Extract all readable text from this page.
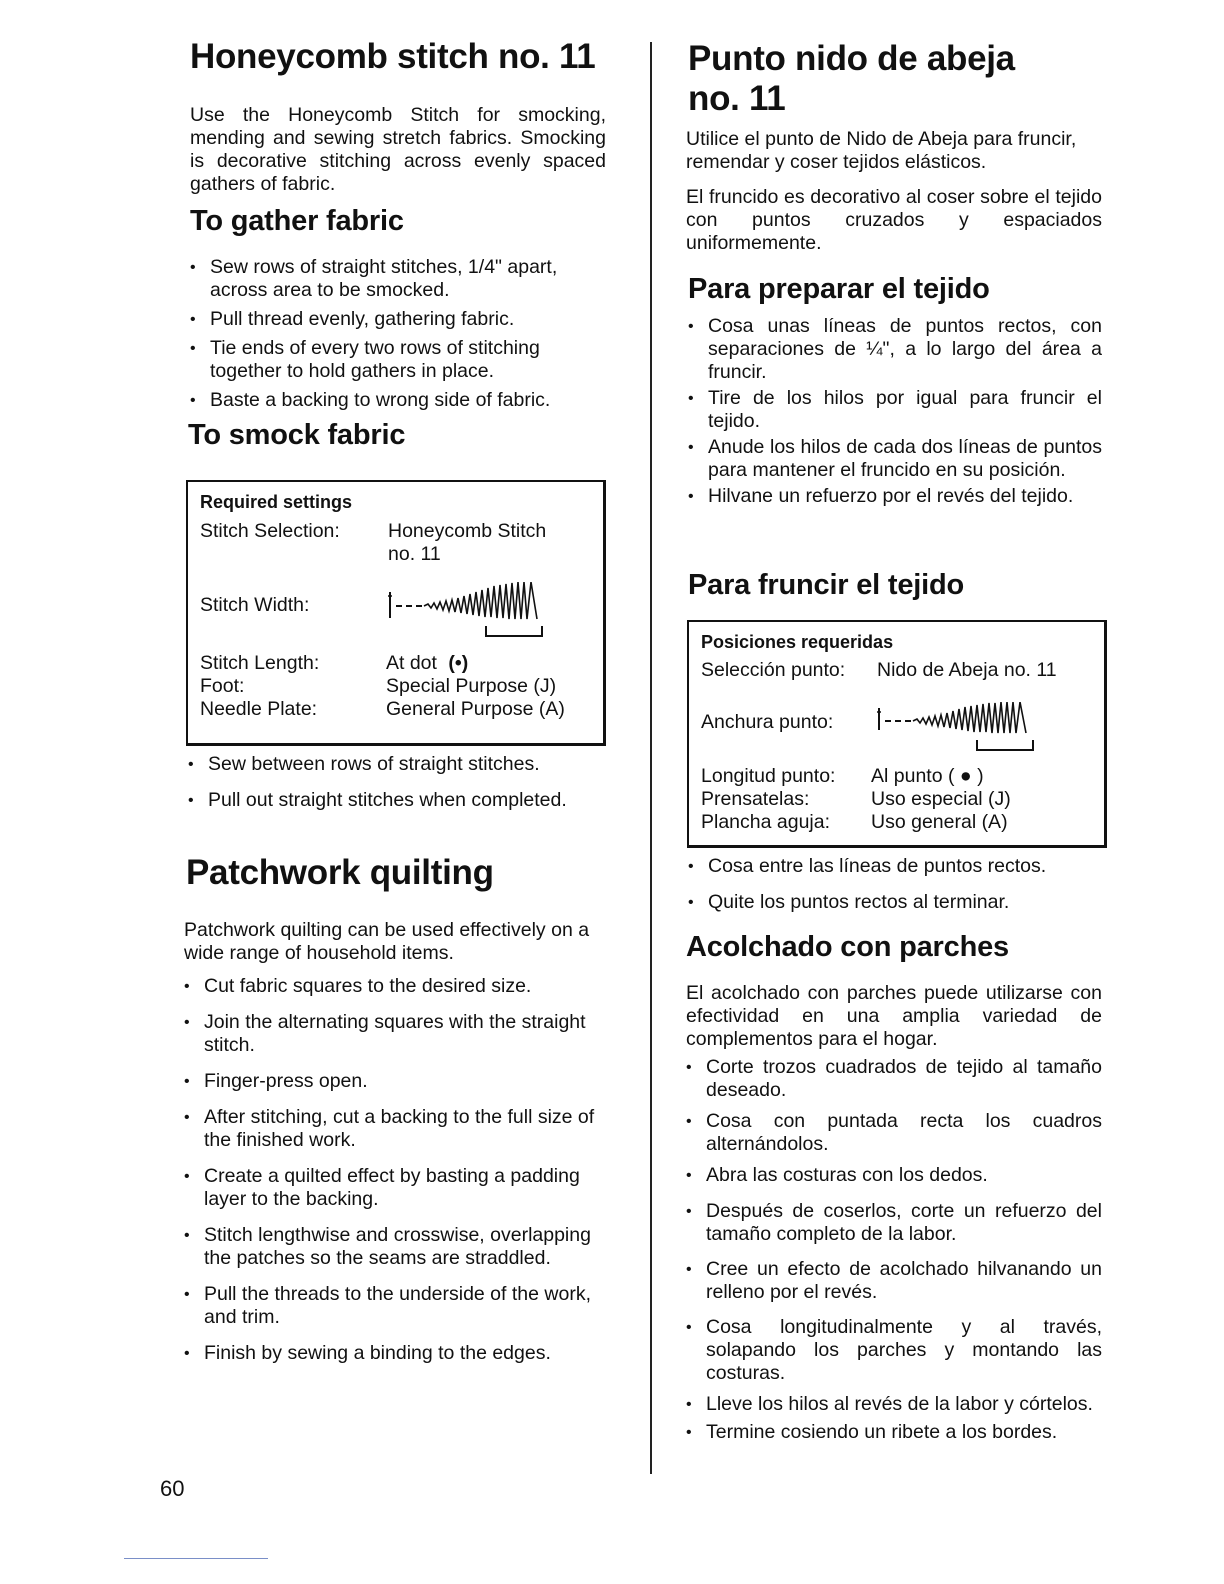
Honeycomb stitch no. 11

Use the Honeycomb Stitch for smocking, mending and sewing stretch fabrics. Smocking is decorative stitching across evenly spaced gathers of fabric.

To gather fabric
• Sew rows of straight stitches, 1/4" apart, across area to be smocked.
• Pull thread evenly, gathering fabric.
• Tie ends of every two rows of stitching together to hold gathers in place.
• Baste a backing to wrong side of fabric.
To smock fabric
Required settings
Stitch Selection: Honeycomb Stitch
no. 11
Stitch Width:
Stitch Length:	At dot (•)
Foot:	Special Purpose (J)
Needle Plate:	General Purpose (A)
• Sew between rows of straight stitches.
• Pull out straight stitches when completed.
Patchwork quilting

Patchwork quilting can be used effectively on a wide range of household items.

• Cut fabric squares to the desired size.
• Join the alternating squares with the straight stitch.
• Finger-press open.
• After stitching, cut a backing to the full size of the finished work.
• Create a quilted effect by basting a padding layer to the backing.
• Stitch lengthwise and crosswise, overlapping the patches so the seams are straddled.
• Pull the threads to the underside of the work, and trim.
• Finish by sewing a binding to the edges.
60
Punto nido de abeja
no. 11

Utilice el punto de Nido de Abeja para fruncir, remendar y coser tejidos elásticos.

El fruncido es decorativo al coser sobre el tejido con puntos cruzados y espaciados uniformemente.

Para preparar el tejido
• Cosa unas líneas de puntos rectos, con separaciones de ¼", a lo largo del área a fruncir.
• Tire de los hilos por igual para fruncir el tejido.
• Anude los hilos de cada dos líneas de puntos para mantener el fruncido en su posición.
• Hilvane un refuerzo por el revés del tejido.
Para fruncir el tejido
Posiciones requeridas
Selección punto: Nido de Abeja no. 11
Anchura punto:
Longitud punto: Al punto ( ● )
Prensatelas:	Uso especial (J)
Plancha aguja: Uso general (A)
• Cosa entre las líneas de puntos rectos.
• Quite los puntos rectos al terminar.
Acolchado con parches

El acolchado con parches puede utilizarse con efectividad en una amplia variedad de complementos para el hogar.

• Corte trozos cuadrados de tejido al tamaño deseado.
• Cosa con puntada recta los cuadros alternándolos.
• Abra las costuras con los dedos.
• Después de coserlos, corte un refuerzo del tamaño completo de la labor.
• Cree un efecto de acolchado hilvanando un relleno por el revés.
• Cosa longitudinalmente y al través, solapando los parches y montando las costuras.
• Lleve los hilos al revés de la labor y córtelos.
• Termine cosiendo un ribete a los bordes.
